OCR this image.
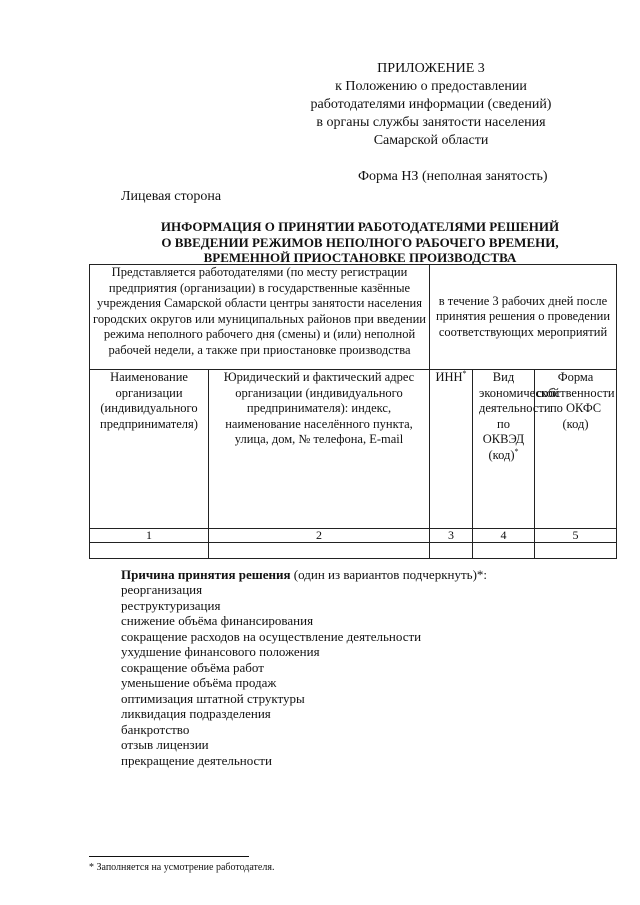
ПРИЛОЖЕНИЕ 3
к Положению о предоставлении
работодателями информации (сведений)
в органы службы занятости населения
Самарской области
Форма НЗ (неполная занятость)
Лицевая сторона
ИНФОРМАЦИЯ О ПРИНЯТИИ РАБОТОДАТЕЛЯМИ РЕШЕНИЙ
О ВВЕДЕНИИ РЕЖИМОВ НЕПОЛНОГО РАБОЧЕГО ВРЕМЕНИ,
ВРЕМЕННОЙ ПРИОСТАНОВКЕ ПРОИЗВОДСТВА
Представляется работодателями (по месту регистрации предприятия (организации) в государственные казённые учреждения Самарской области центры занятости населения городских округов или муниципальных районов при введении режима неполного рабочего дня (смены) и (или) неполной рабочей недели, а также при приостановке производства		в течение 3 рабочих дней после принятия решения о проведении соответствующих мероприятий		
Наименование организации (индивидуального предпринимателя)	Юридический и фактический адрес организации (индивидуального предпринимателя): индекс, наименование населённого пункта, улица, дом, № телефона, E-mail	ИНН*	Вид экономической деятельности по ОКВЭД (код)*	Форма собственности по ОКФС (код)
1	2	3	4	5

Причина принятия решения (один из вариантов подчеркнуть)*:
реорганизация
реструктуризация
снижение объёма финансирования
сокращение расходов на осуществление деятельности
ухудшение финансового положения
сокращение объёма работ
уменьшение объёма продаж
оптимизация штатной структуры
ликвидация подразделения
банкротство
отзыв лицензии
прекращение деятельности
* Заполняется на усмотрение работодателя.
